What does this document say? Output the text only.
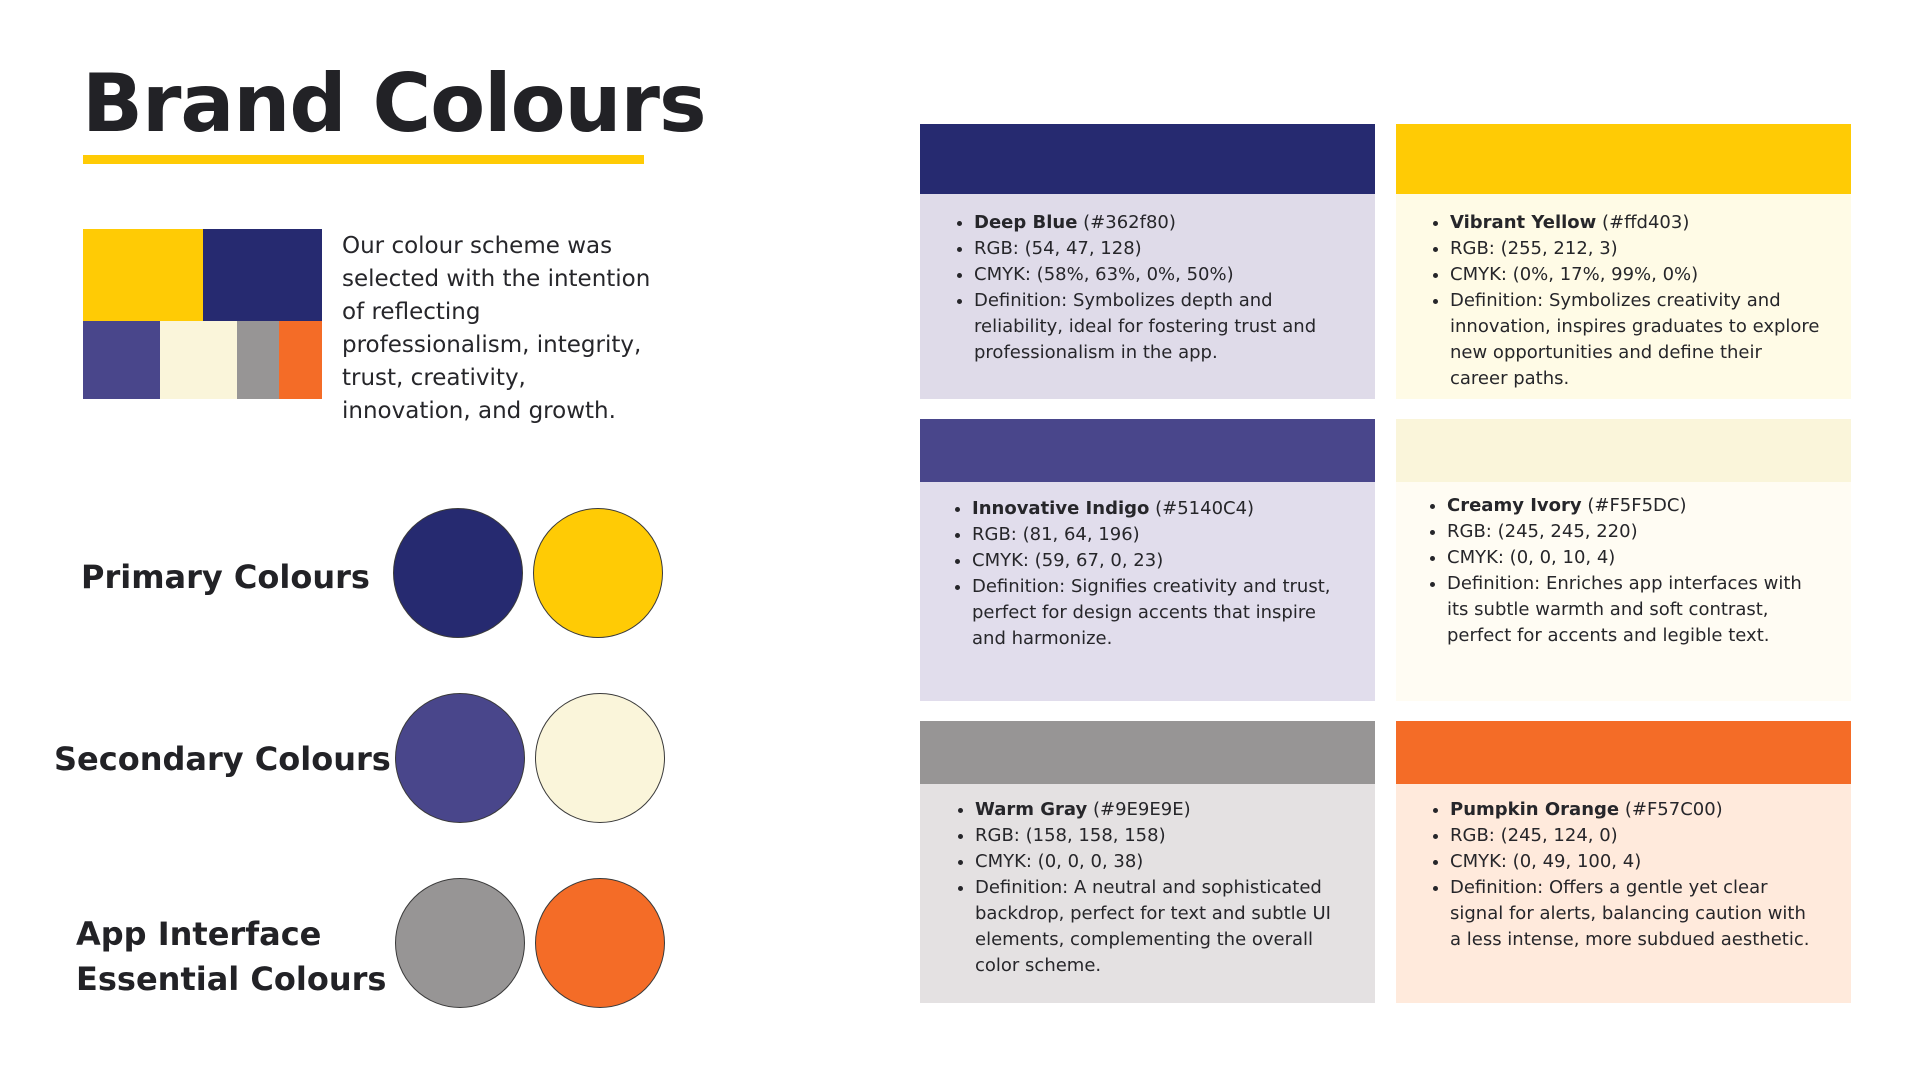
Brand Colours

Our colour scheme was selected with the intention of reflecting professionalism, integrity, trust, creativity, innovation, and growth.

Primary Colours
Secondary Colours
App Interface
Essential Colours
• Deep Blue (#362f80)
• RGB: (54, 47, 128)
• CMYK: (58%, 63%, 0%, 50%)
• Definition: Symbolizes depth and reliability, ideal for fostering trust and professionalism in the app.
• Vibrant Yellow (#ffd403)
• RGB: (255, 212, 3)
• CMYK: (0%, 17%, 99%, 0%)
• Definition: Symbolizes creativity and innovation, inspires graduates to explore new opportunities and define their career paths.
• Innovative Indigo (#5140C4)
• RGB: (81, 64, 196)
• CMYK: (59, 67, 0, 23)
• Definition: Signifies creativity and trust, perfect for design accents that inspire and harmonize.
• Creamy Ivory (#F5F5DC)
• RGB: (245, 245, 220)
• CMYK: (0, 0, 10, 4)
• Definition: Enriches app interfaces with its subtle warmth and soft contrast, perfect for accents and legible text.
• Warm Gray (#9E9E9E)
• RGB: (158, 158, 158)
• CMYK: (0, 0, 0, 38)
• Definition: A neutral and sophisticated backdrop, perfect for text and subtle UI elements, complementing the overall color scheme.
• Pumpkin Orange (#F57C00)
• RGB: (245, 124, 0)
• CMYK: (0, 49, 100, 4)
• Definition: Offers a gentle yet clear signal for alerts, balancing caution with a less intense, more subdued aesthetic.
